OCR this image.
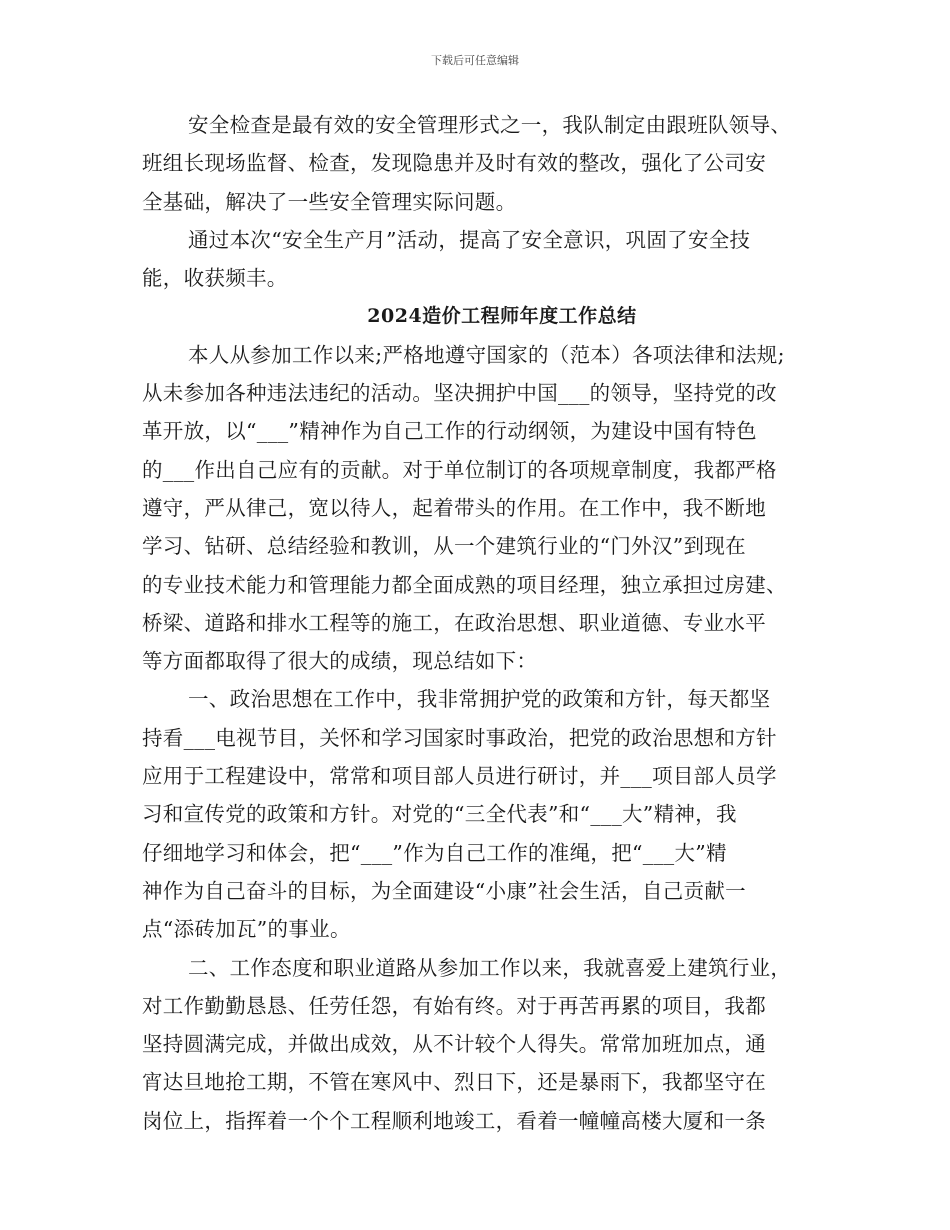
下载后可任意编辑
安全检查是最有效的安全管理形式之一，我队制定由跟班队领导、
班组长现场监督、检查，发现隐患并及时有效的整改，强化了公司安
全基础，解决了一些安全管理实际问题。
通过本次“安全生产月”活动，提高了安全意识，巩固了安全技
能，收获频丰。
2024造价工程师年度工作总结
本人从参加工作以来;严格地遵守国家的（范本）各项法律和法规;
从未参加各种违法违纪的活动。坚决拥护中国___的领导，坚持党的改
革开放，以“___”精神作为自己工作的行动纲领，为建设中国有特色
的___作出自己应有的贡献。对于单位制订的各项规章制度，我都严格
遵守，严从律己，宽以待人，起着带头的作用。在工作中，我不断地
学习、钻研、总结经验和教训，从一个建筑行业的“门外汉”到现在
的专业技术能力和管理能力都全面成熟的项目经理，独立承担过房建、
桥梁、道路和排水工程等的施工，在政治思想、职业道德、专业水平
等方面都取得了很大的成绩，现总结如下：
一、政治思想在工作中，我非常拥护党的政策和方针，每天都坚
持看___电视节目，关怀和学习国家时事政治，把党的政治思想和方针
应用于工程建设中，常常和项目部人员进行研讨，并___项目部人员学
习和宣传党的政策和方针。对党的“三全代表”和“___大”精神，我
仔细地学习和体会，把“___”作为自己工作的准绳，把“___大”精
神作为自己奋斗的目标，为全面建设“小康”社会生活，自己贡献一
点“添砖加瓦”的事业。
二、工作态度和职业道路从参加工作以来，我就喜爱上建筑行业，
对工作勤勤恳恳、任劳任怨，有始有终。对于再苦再累的项目，我都
坚持圆满完成，并做出成效，从不计较个人得失。常常加班加点，通
宵达旦地抢工期，不管在寒风中、烈日下，还是暴雨下，我都坚守在
岗位上，指挥着一个个工程顺利地竣工，看着一幢幢高楼大厦和一条
